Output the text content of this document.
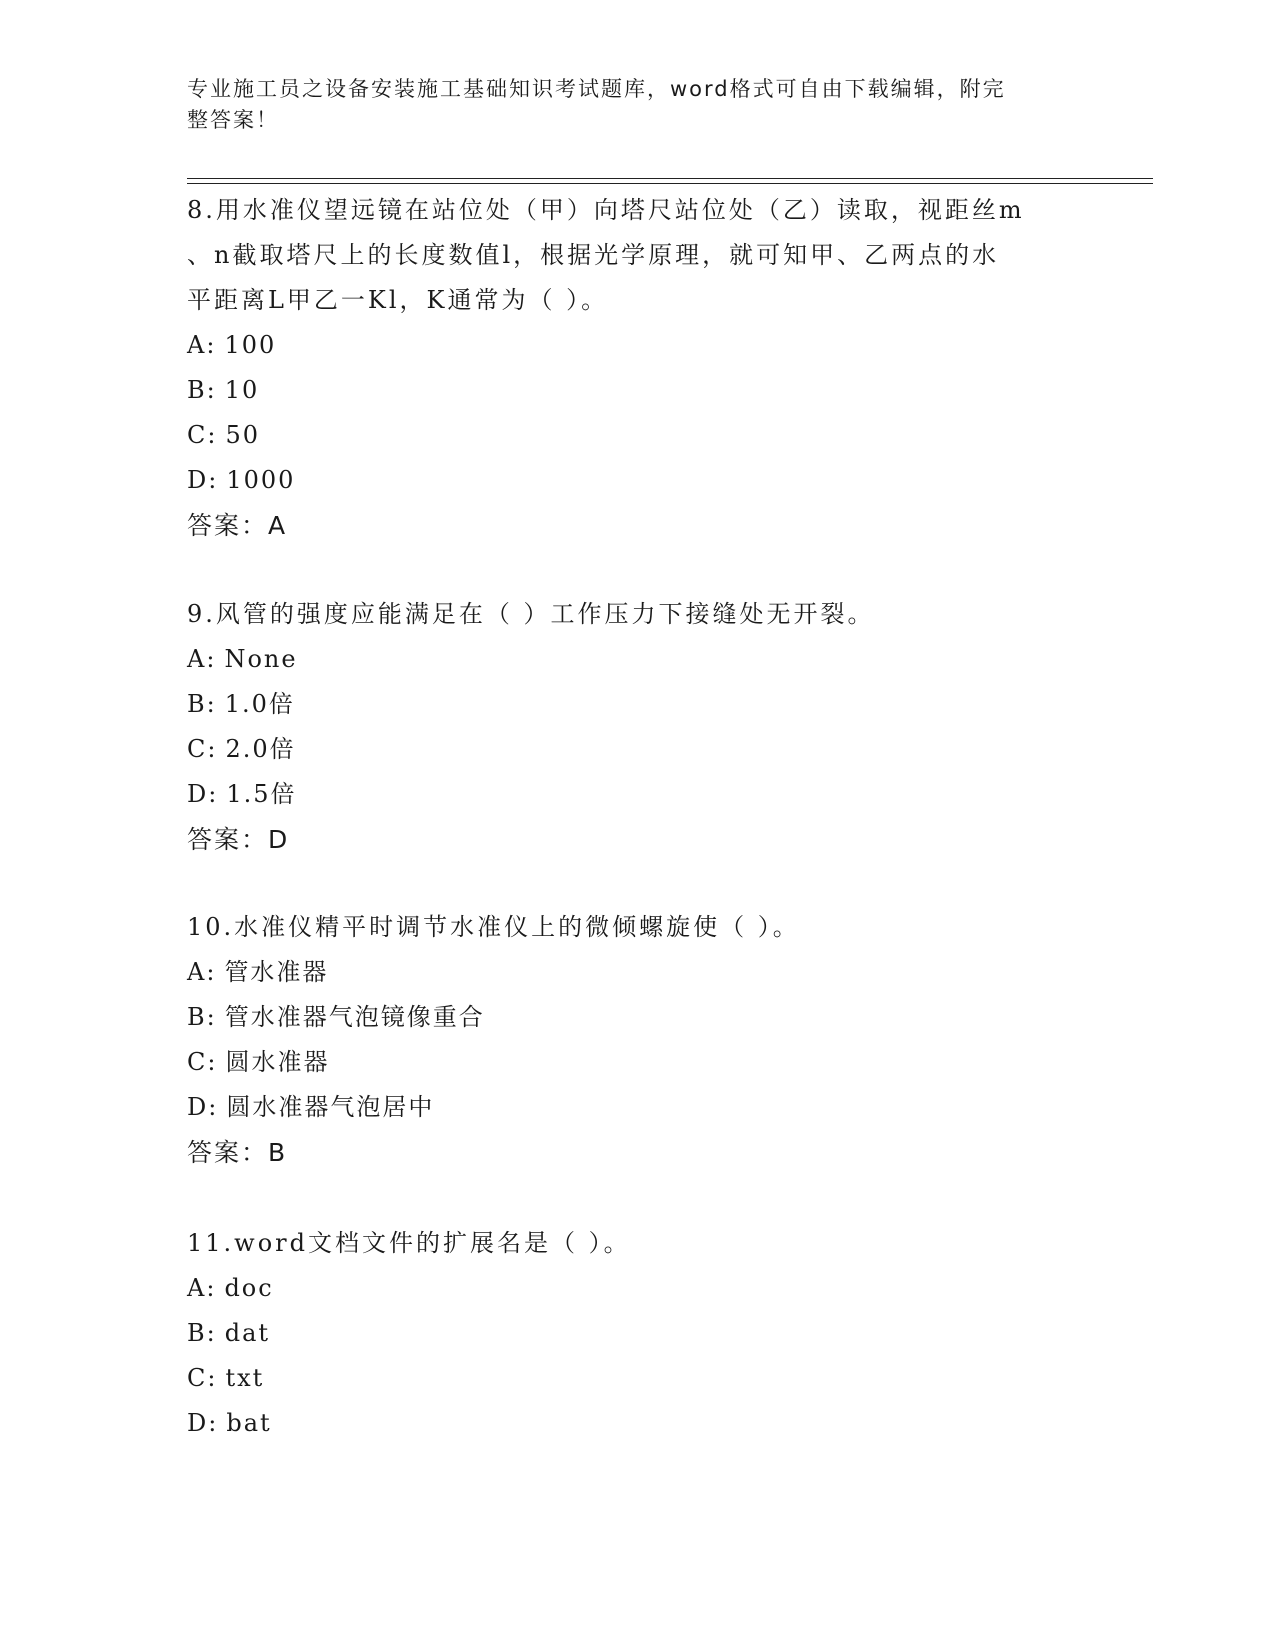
专业施工员之设备安装施工基础知识考试题库，word格式可自由下载编辑，附完
整答案！

8.用水准仪望远镜在站位处（甲）向塔尺站位处（乙）读取，视距丝m

、n截取塔尺上的长度数值l，根据光学原理，就可知甲、乙两点的水

平距离L甲乙一Kl，K通常为（ ）。

A : 100

B : 10

C : 50

D : 1000

答案：A

9.风管的强度应能满足在（ ）工作压力下接缝处无开裂。

A : None

B : 1.0倍

C : 2.0倍

D : 1.5倍

答案：D

10.水准仪精平时调节水准仪上的微倾螺旋使（ ）。

A : 管水准器

B : 管水准器气泡镜像重合

C : 圆水准器

D : 圆水准器气泡居中

答案：B

11.word文档文件的扩展名是（ ）。

A : doc

B : dat

C : txt

D : bat
